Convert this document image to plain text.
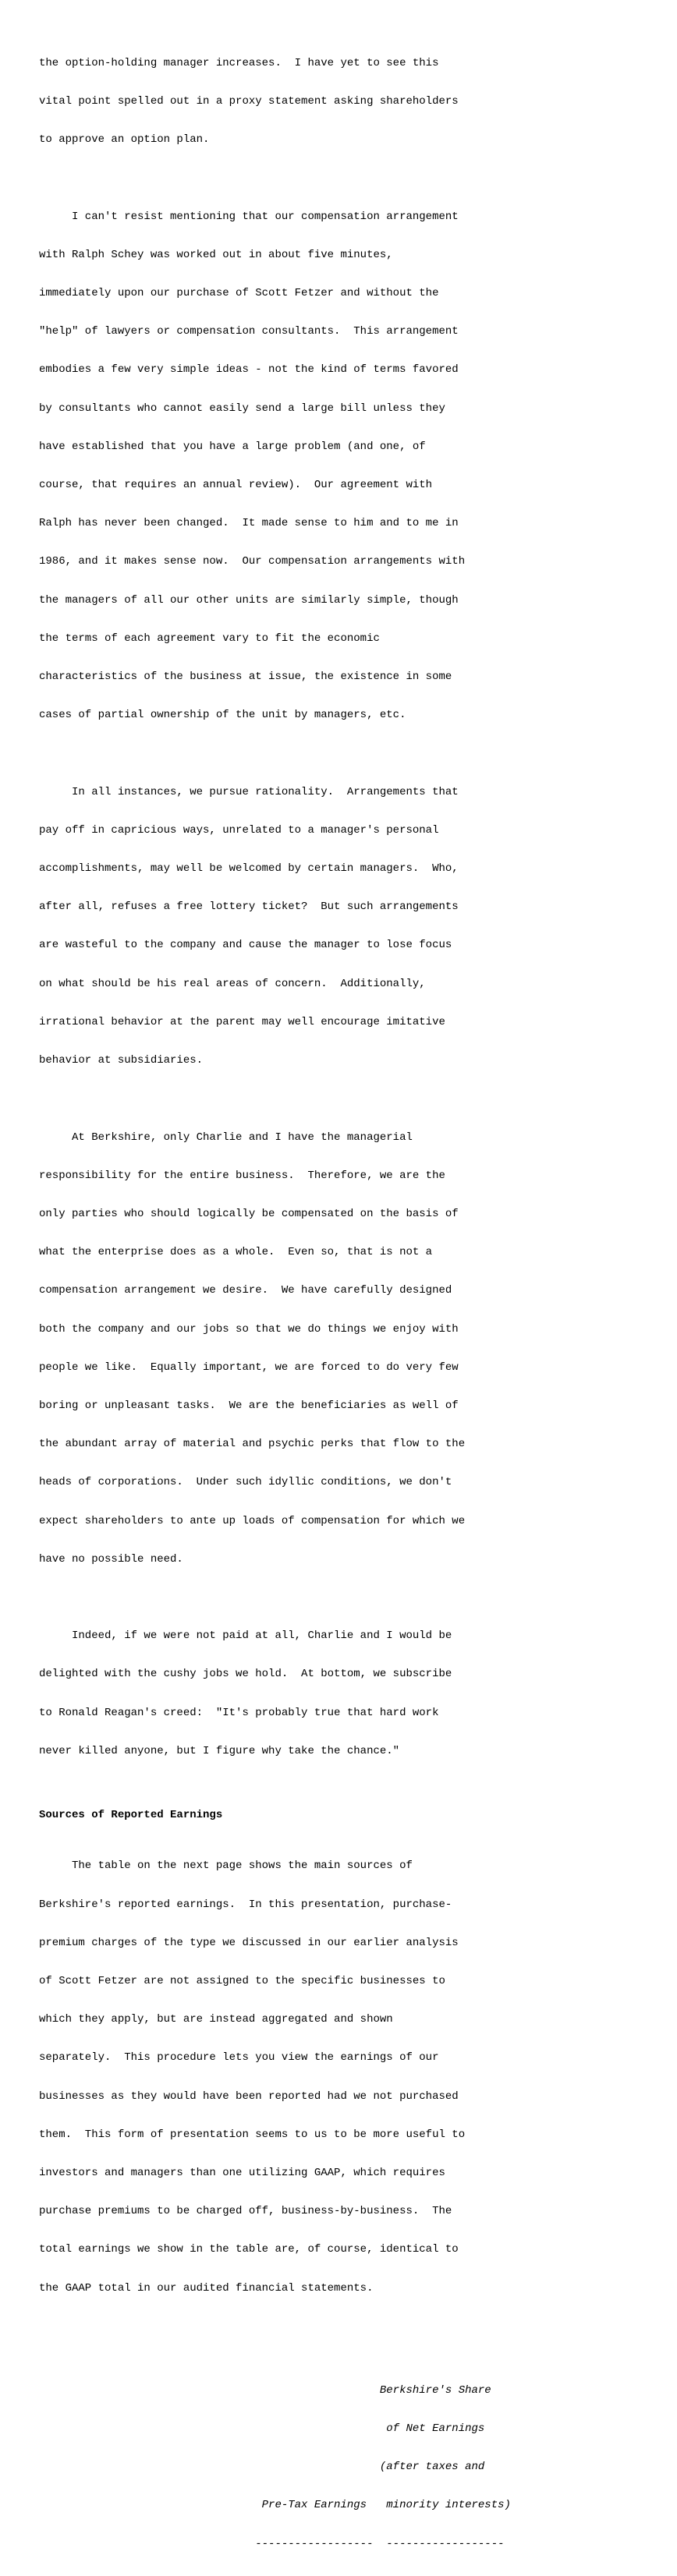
the option-holding manager increases.  I have yet to see this

vital point spelled out in a proxy statement asking shareholders

to approve an option plan.

I can't resist mentioning that our compensation arrangement

with Ralph Schey was worked out in about five minutes,

immediately upon our purchase of Scott Fetzer and without the

"help" of lawyers or compensation consultants.  This arrangement

embodies a few very simple ideas - not the kind of terms favored

by consultants who cannot easily send a large bill unless they

have established that you have a large problem (and one, of

course, that requires an annual review).  Our agreement with

Ralph has never been changed.  It made sense to him and to me in

1986, and it makes sense now.  Our compensation arrangements with

the managers of all our other units are similarly simple, though

the terms of each agreement vary to fit the economic

characteristics of the business at issue, the existence in some

cases of partial ownership of the unit by managers, etc.

In all instances, we pursue rationality.  Arrangements that

pay off in capricious ways, unrelated to a manager's personal

accomplishments, may well be welcomed by certain managers.  Who,

after all, refuses a free lottery ticket?  But such arrangements

are wasteful to the company and cause the manager to lose focus

on what should be his real areas of concern.  Additionally,

irrational behavior at the parent may well encourage imitative

behavior at subsidiaries.

At Berkshire, only Charlie and I have the managerial

responsibility for the entire business.  Therefore, we are the

only parties who should logically be compensated on the basis of

what the enterprise does as a whole.  Even so, that is not a

compensation arrangement we desire.  We have carefully designed

both the company and our jobs so that we do things we enjoy with

people we like.  Equally important, we are forced to do very few

boring or unpleasant tasks.  We are the beneficiaries as well of

the abundant array of material and psychic perks that flow to the

heads of corporations.  Under such idyllic conditions, we don't

expect shareholders to ante up loads of compensation for which we

have no possible need.

Indeed, if we were not paid at all, Charlie and I would be

delighted with the cushy jobs we hold.  At bottom, we subscribe

to Ronald Reagan's creed:  "It's probably true that hard work

never killed anyone, but I figure why take the chance."

Sources of Reported Earnings

The table on the next page shows the main sources of

Berkshire's reported earnings.  In this presentation, purchase-

premium charges of the type we discussed in our earlier analysis

of Scott Fetzer are not assigned to the specific businesses to

which they apply, but are instead aggregated and shown

separately.  This procedure lets you view the earnings of our

businesses as they would have been reported had we not purchased

them.  This form of presentation seems to us to be more useful to

investors and managers than one utilizing GAAP, which requires

purchase premiums to be charged off, business-by-business.  The

total earnings we show in the table are, of course, identical to

the GAAP total in our audited financial statements.

Berkshire's Share

of Net Earnings

(after taxes and

Pre-Tax Earnings   minority interests)

------------------  ------------------
